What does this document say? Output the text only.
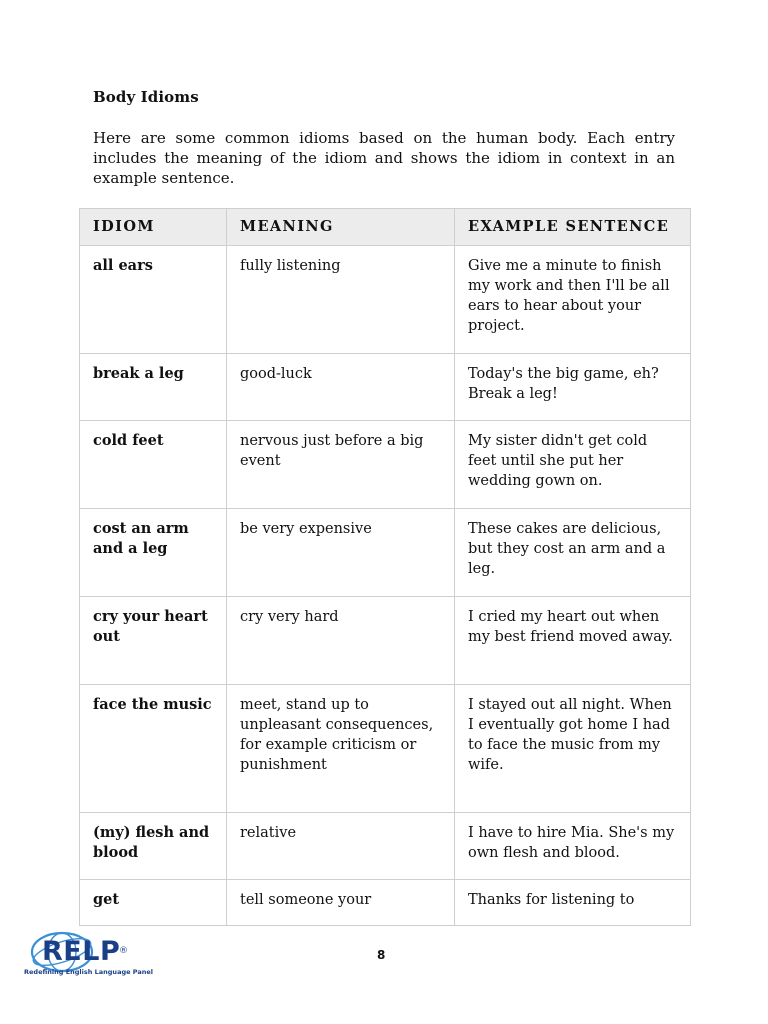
Body Idioms
Here are some common idioms based on the human body. Each entry includes the meaning of the idiom and shows the idiom in context in an example sentence.
IDIOM	MEANING	EXAMPLE SENTENCE
all ears	fully listening	Give me a minute to finish my work and then I'll be all ears to hear about your project.
break a leg	good-luck	Today's the big game, eh? Break a leg!
cold feet	nervous just before a big event	My sister didn't get cold feet until she put her wedding gown on.
cost an arm and a leg	be very expensive	These cakes are delicious, but they cost an arm and a leg.
cry your heart out	cry very hard	I cried my heart out when my best friend moved away.
face the music	meet, stand up to unpleasant consequences, for example criticism or punishment	I stayed out all night. When I eventually got home I had to face the music from my wife.
(my) flesh and blood	relative	I have to hire Mia. She's my own flesh and blood.
get	tell someone your	Thanks for listening to
RELP
®
Redefining English Language Panel
8
